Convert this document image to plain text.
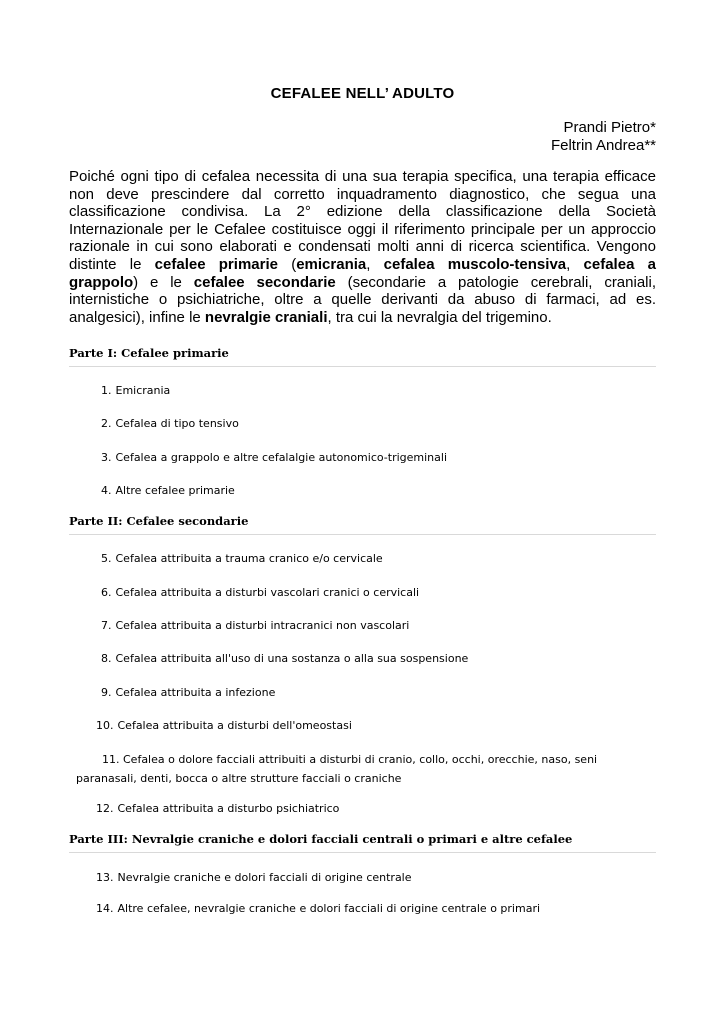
CEFALEE NELL’ ADULTO
Prandi Pietro*
Feltrin Andrea**

Poiché ogni tipo di cefalea necessita di una sua terapia specifica, una terapia efficace non deve prescindere dal corretto inquadramento diagnostico, che segua una classificazione condivisa. La 2° edizione della classificazione della Società Internazionale per le Cefalee costituisce oggi il riferimento principale per un approccio razionale in cui sono elaborati e condensati molti anni di ricerca scientifica. Vengono distinte le cefalee primarie (emicrania, cefalea muscolo-tensiva, cefalea a grappolo) e le cefalee secondarie (secondarie a patologie cerebrali, craniali, internistiche o psichiatriche, oltre a quelle derivanti da abuso di farmaci, ad es. analgesici), infine le nevralgie craniali, tra cui la nevralgia del trigemino.

Parte I: Cefalee primarie
1. Emicrania
2. Cefalea di tipo tensivo
3. Cefalea a grappolo e altre cefalalgie autonomico-trigeminali
4. Altre cefalee primarie
Parte II: Cefalee secondarie
5. Cefalea attribuita a trauma cranico e/o cervicale
6. Cefalea attribuita a disturbi vascolari cranici o cervicali
7. Cefalea attribuita a disturbi intracranici non vascolari
8. Cefalea attribuita all'uso di una sostanza o alla sua sospensione
9. Cefalea attribuita a infezione
10. Cefalea attribuita a disturbi dell'omeostasi
11. Cefalea o dolore facciali attribuiti a disturbi di cranio, collo, occhi, orecchie, naso, seni paranasali, denti, bocca o altre strutture facciali o craniche
12. Cefalea attribuita a disturbo psichiatrico
Parte III: Nevralgie craniche e dolori facciali centrali o primari e altre cefalee
13. Nevralgie craniche e dolori facciali di origine centrale
14. Altre cefalee, nevralgie craniche e dolori facciali di origine centrale o primari
